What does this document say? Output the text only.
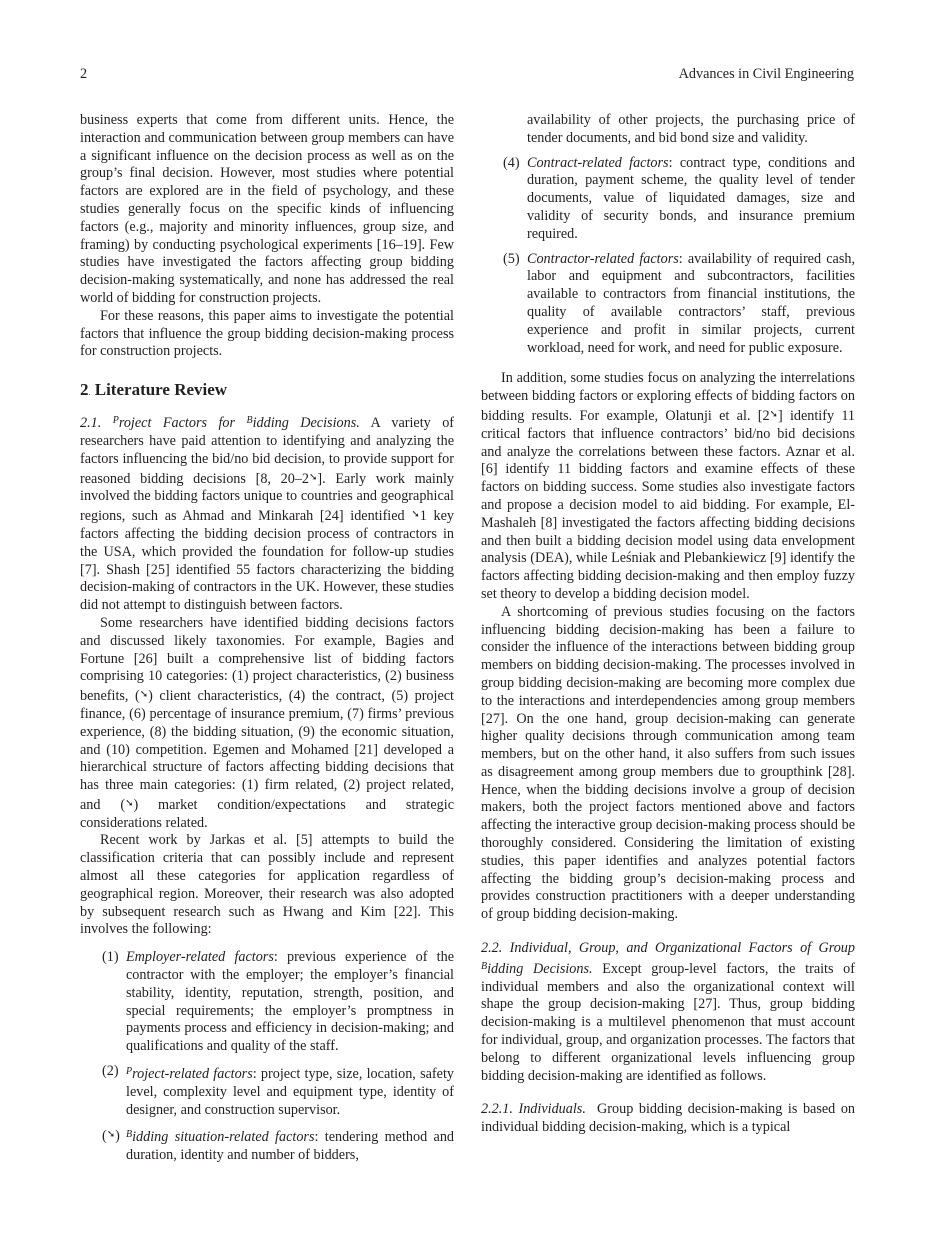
2	Advances in Civil Engineering

business experts that come from different units. Hence, the interaction and communication between group members can have a significant influence on the decision process as well as on the group’s final decision. However, most studies where potential factors are explored are in the field of psychology, and these studies generally focus on the specific kinds of influencing factors (e.g., majority and minority influences, group size, and framing) by conducting psychological experiments [16–19]. Few studies have investigated the factors affecting group bidding decision-making systematically, and none has addressed the real world of bidding for construction projects.

For these reasons, this paper aims to investigate the potential factors that influence the group bidding decision-making process for construction projects.

2. Literature Review

2.1. $^P$roject Factors for $^B$idding Decisions. A variety of researchers have paid attention to identifying and analyzing the factors influencing the bid/no bid decision, to provide support for reasoned bidding decisions [8, 20–2➘]. Early work mainly involved the bidding factors unique to countries and geographical regions, such as Ahmad and Minkarah [24] identified ➘1 key factors affecting the bidding decision process of contractors in the USA, which provided the foundation for follow-up studies [7]. Shash [25] identified 55 factors characterizing the bidding decision-making of contractors in the UK. However, these studies did not attempt to distinguish between factors.

Some researchers have identified bidding decisions factors and discussed likely taxonomies. For example, Bagies and Fortune [26] built a comprehensive list of bidding factors comprising 10 categories: (1) project characteristics, (2) business benefits, (➘) client characteristics, (4) the contract, (5) project finance, (6) percentage of insurance premium, (7) firms’ previous experience, (8) the bidding situation, (9) the economic situation, and (10) competition. Egemen and Mohamed [21] developed a hierarchical structure of factors affecting bidding decisions that has three main categories: (1) firm related, (2) project related, and (➘) market condition/expectations and strategic considerations related.

Recent work by Jarkas et al. [5] attempts to build the classification criteria that can possibly include and represent almost all these categories for application regardless of geographical region. Moreover, their research was also adopted by subsequent research such as Hwang and Kim [22]. This involves the following:

(1) Employer-related factors: previous experience of the contractor with the employer; the employer’s financial stability, identity, reputation, strength, position, and special requirements; the employer’s promptness in payments process and efficiency in decision-making; and qualifications and quality of the staff.
(2) $^P$roject-related factors: project type, size, location, safety level, complexity level and equipment type, identity of designer, and construction supervisor.
(➘) $^B$idding situation-related factors: tendering method and duration, identity and number of bidders,

availability of other projects, the purchasing price of tender documents, and bid bond size and validity.

(4) Contract-related factors: contract type, conditions and duration, payment scheme, the quality level of tender documents, value of liquidated damages, size and validity of security bonds, and insurance premium required.
(5) Contractor-related factors: availability of required cash, labor and equipment and subcontractors, facilities available to contractors from financial institutions, the quality of available contractors’ staff, previous experience and profit in similar projects, current workload, need for work, and need for public exposure.

In addition, some studies focus on analyzing the interrelations between bidding factors or exploring effects of bidding factors on bidding results. For example, Olatunji et al. [2➘] identify 11 critical factors that influence contractors’ bid/no bid decisions and analyze the correlations between these factors. Aznar et al. [6] identify 11 bidding factors and examine effects of these factors on bidding success. Some studies also investigate factors and propose a decision model to aid bidding. For example, El-Mashaleh [8] investigated the factors affecting bidding decisions and then built a bidding decision model using data envelopment analysis (DEA), while Leśniak and Plebankiewicz [9] identify the factors affecting bidding decision-making and then employ fuzzy set theory to develop a bidding decision model.

A shortcoming of previous studies focusing on the factors influencing bidding decision-making has been a failure to consider the influence of the interactions between bidding group members on bidding decision-making. The processes involved in group bidding decision-making are becoming more complex due to the interactions and interdependencies among group members [27]. On the one hand, group decision-making can generate higher quality decisions through communication among team members, but on the other hand, it also suffers from such issues as disagreement among group members due to groupthink [28]. Hence, when the bidding decisions involve a group of decision makers, both the project factors mentioned above and factors affecting the interactive group decision-making process should be thoroughly considered. Considering the limitation of existing studies, this paper identifies and analyzes potential factors affecting the bidding group’s decision-making process and provides construction practitioners with a deeper understanding of group bidding decision-making.

2.2. Individual, Group, and Organizational Factors of Group $^B$idding Decisions. Except group-level factors, the traits of individual members and also the organizational context will shape the group decision-making [27]. Thus, group bidding decision-making is a multilevel phenomenon that must account for individual, group, and organization processes. The factors that belong to different organizational levels influencing group bidding decision-making are identified as follows.

2.2.1. Individuals.  Group bidding decision-making is based on individual bidding decision-making, which is a typical
